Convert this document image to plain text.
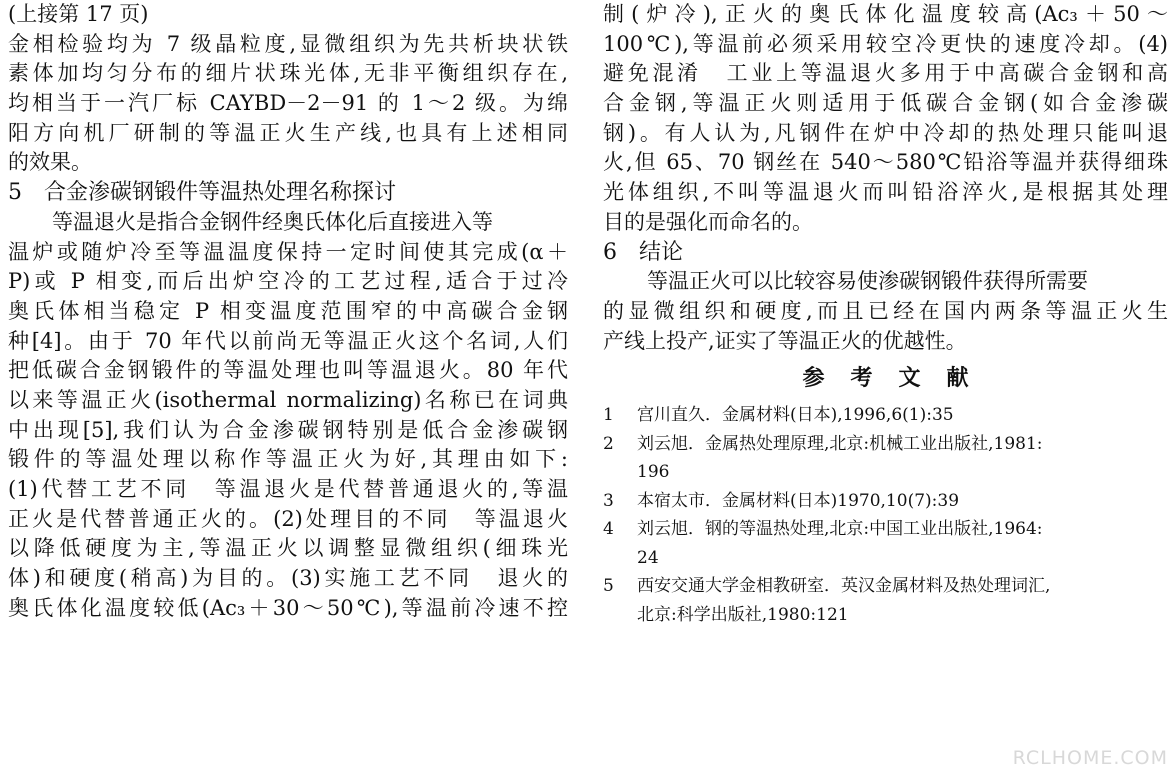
(上接第 17 页)
金相检验均为 7 级晶粒度,显微组织为先共析块状铁
素体加均匀分布的细片状珠光体,无非平衡组织存在,
均相当于一汽厂标 CAYBD－2－91 的 1～2 级。为绵
阳方向机厂研制的等温正火生产线,也具有上述相同
的效果。
5　合金渗碳钢锻件等温热处理名称探讨
等温退火是指合金钢件经奥氏体化后直接进入等
温炉或随炉冷至等温温度保持一定时间使其完成(α＋
P)或 P 相变,而后出炉空冷的工艺过程,适合于过冷
奥氏体相当稳定 P 相变温度范围窄的中高碳合金钢
种[4]。由于 70 年代以前尚无等温正火这个名词,人们
把低碳合金钢锻件的等温处理也叫等温退火。80 年代
以来等温正火(isothermal normalizing)名称已在词典
中出现[5],我们认为合金渗碳钢特别是低合金渗碳钢
锻件的等温处理以称作等温正火为好,其理由如下:
(1)代替工艺不同　等温退火是代替普通退火的,等温
正火是代替普通正火的。(2)处理目的不同　等温退火
以降低硬度为主,等温正火以调整显微组织(细珠光
体)和硬度(稍高)为目的。(3)实施工艺不同　退火的
奥氏体化温度较低(Ac₃＋30～50℃),等温前冷速不控
制(炉冷),正火的奥氏体化温度较高(Ac₃＋50～
100℃),等温前必须采用较空冷更快的速度冷却。(4)
避免混淆　工业上等温退火多用于中高碳合金钢和高
合金钢,等温正火则适用于低碳合金钢(如合金渗碳
钢)。有人认为,凡钢件在炉中冷却的热处理只能叫退
火,但 65、70 钢丝在 540～580℃铅浴等温并获得细珠
光体组织,不叫等温退火而叫铅浴淬火,是根据其处理
目的是强化而命名的。
6　结论
等温正火可以比较容易使渗碳钢锻件获得所需要
的显微组织和硬度,而且已经在国内两条等温正火生
产线上投产,证实了等温正火的优越性。
参考文献
1	宫川直久．金属材料(日本),1996,6(1):35
2	刘云旭．金属热处理原理,北京:机械工业出版社,1981:
196
3	本宿太市．金属材料(日本)1970,10(7):39
4	刘云旭．钢的等温热处理,北京:中国工业出版社,1964:
24
5	西安交通大学金相教研室．英汉金属材料及热处理词汇,
北京:科学出版社,1980:121
RCLHOME.COM
